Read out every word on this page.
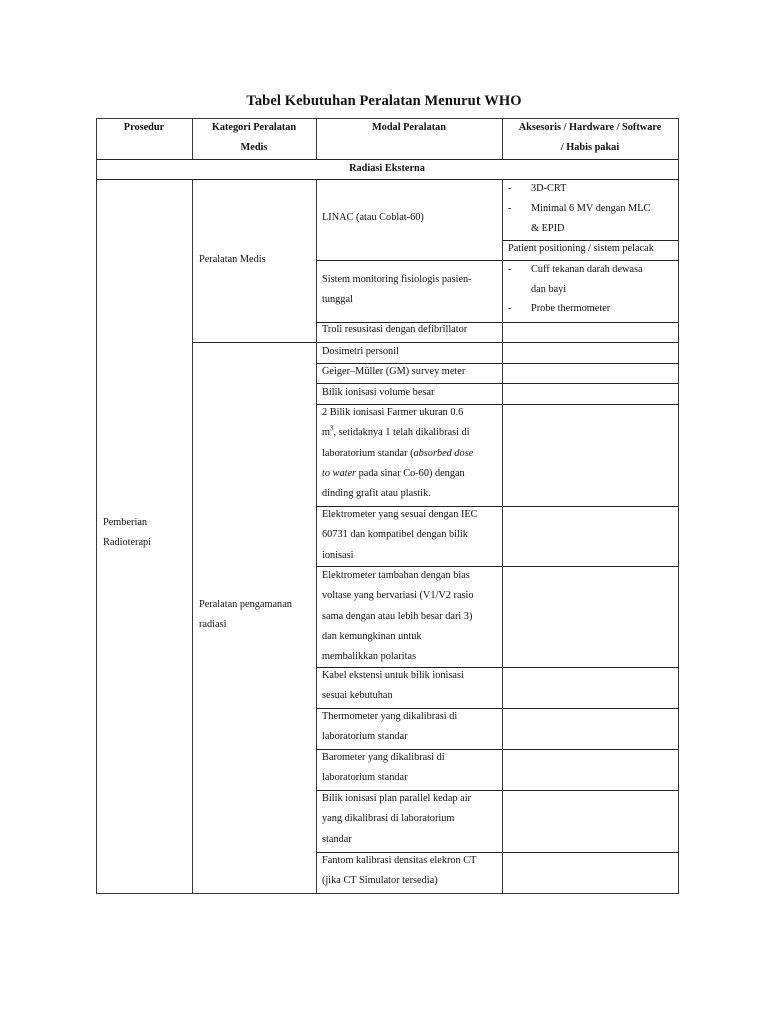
Tabel Kebutuhan Peralatan Menurut WHO
Prosedur	Kategori Peralatan
Medis
Modal Peralatan	Aksesoris / Hardware / Software
/ Habis pakai
Radiasi Eksterna
Pemberian
Radioterapi
Peralatan Medis
Peralatan pengamanan
radiasi
LINAC (atau Coblat-60)
- 3D-CRT
- Minimal 6 MV dengan MLC
& EPID
Patient positioning / sistem pelacak
Sistem monitoring fisiologis pasien-
tunggal
- Cuff tekanan darah dewasa
dan bayi
- Probe thermometer
Troli resusitasi dengan defibrillator
Dosimetri personil
Geiger–Müller (GM) survey meter
Bilik ionisasi volume besar
2 Bilik ionisasi Farmer ukuran 0.6
$m^3$, setidaknya 1 telah dikalibrasi di
laboratorium standar (absorbed dose
to water pada sinar Co-60) dengan
dinding grafit atau plastik.
Elektrometer yang sesuai dengan IEC
60731 dan kompatibel dengan bilik
ionisasi
Elektrometer tambahan dengan bias
voltase yang bervariasi (V1/V2 rasio
sama dengan atau lebih besar dari 3)
dan kemungkinan untuk
membalikkan polaritas
Kabel ekstensi untuk bilik ionisasi
sesuai kebutuhan
Thermometer yang dikalibrasi di
laboratorium standar
Barometer yang dikalibrasi di
laboratorium standar
Bilik ionisasi plan parallel kedap air
yang dikalibrasi di laboratorium
standar
Fantom kalibrasi densitas elekron CT
(jika CT Simulator tersedia)
